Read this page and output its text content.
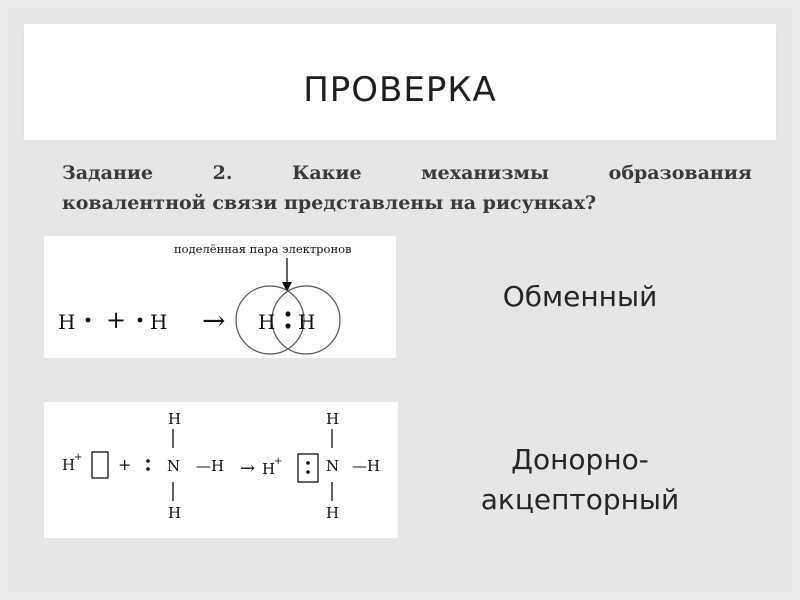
ПРОВЕРКА
Задание	2.	Какие	механизмы	образования
ковалентной связи представлены на рисунках?
поделённая пара электронов
H + H → H H
H
+ +
H
N —H
H
→ H
+
H
N —H
H
Обменный
Донорно-
акцепторный
